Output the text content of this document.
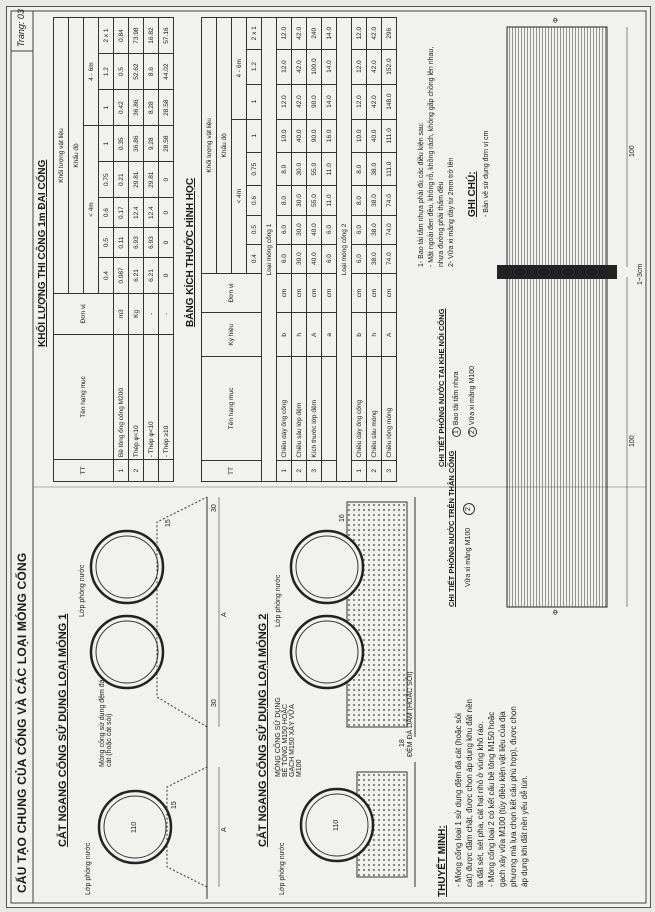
CẤU TẠO CHUNG CỦA CỐNG VÀ CÁC LOẠI MÓNG CỐNG
Trang: 03
CẮT NGANG CỐNG SỬ DỤNG LOẠI MÓNG 1
Lớp phòng nước
Móng cống sử dụng đệm đá cát (hoặc cát sỏi)
Lớp phòng nước
110
15
15
30
30
A
A	CẮT NGANG CỐNG SỬ DỤNG LOẠI MÓNG 2
Lớp phòng nước
MÓNG CỐNG SỬ DỤNG BÊ TÔNG M150 HOẶC GẠCH M150 XÂY VỮA M100
ĐỆM ĐÁ DĂM (HOẶC SỎI)
Lớp phòng nước
110
18
16
THUYẾT MINH: - Móng cống loại 1 sử dụng đệm đá cát (hoặc sỏi cát) được đầm chặt, được chọn áp dụng khu đất nền là đất sét, sét pha, cát hạt nhỏ ở vùng khô ráo. - Móng cống loại 2 có kết cấu bê tông M150 hoặc gạch xây vữa M100 (tùy điều kiện vật liệu của địa phương mà lựa chọn kết cấu phù hợp), được chọn áp dụng khi đất nền yếu dễ lún.
CHI TIẾT PHÒNG NƯỚC TRÊN THÂN CỐNG Vữa xi măng M100
2
CHI TIẾT PHÒNG NƯỚC TẠI KHE NỐI CỐNG 1 Bao tải tẩm nhựa
2 Vữa xi măng M100
100
100
1~3cm
Φ
Φ
KHỐI LƯỢNG THI CÔNG 1m ĐẠI CỐNG
TT	Tên hạng mục	Đơn vị	Khối lượng vật liệu							
			Khẩu độ							
			< 4m					4 - 6m		
			0.4	0.5	0.6	0.75	1	1	1.2	2 x 1
1	Bê tông ống cống M200	m3	0.087	0.11	0.17	0.21	0.35	0.42	0.5	0.84
2	Thép φ<10	Kg	6.21	6.93	12.4	29.81	36.86	36.86	52.62	73.98
	- Thép φ<10	-	6.21	6.93	12.4	29.81	9.28	8.28	8.6	16.82
	- Thép ≥10	-	0	0	0	0	28.58	28.58	44.02	57.16
BẢNG KÍCH THƯỚC HÌNH HỌC
TT	Tên hạng mục	Ký hiệu	Đơn vị	Khối lượng vật liệu							
				Khẩu độ							
				< 4m					4 - 6m		
				0.4	0.5	0.6	0.75	1	1	1.2	2 x 1
Loại móng cống 1											
1	Chiều dày ống cống	b	cm	6.0	6.0	8.0	8.0	10.0	12.0	12.0	12.0
2	Chiều sâu lớp đệm	h	cm	30.0	30.0	30.0	30.0	40.0	42.0	42.0	42.0
3	Kích thước lớp đệm	A	cm	40.0	40.0	55.0	55.0	90.0	90.0	100.0	240
		a	cm	6.0	6.0	11.0	11.0	16.0	14.0	14.0	14.0
Loại móng cống 2											
1	Chiều dày ống cống	b	cm	6.0	6.0	8.0	8.0	10.0	12.0	12.0	12.0
2	Chiều sâu móng	h	cm	38.0	38.0	38.0	38.0	40.0	42.0	42.0	42.0
3	Chiều rộng móng	A	cm	74.0	74.0	74.0	111.0	111.0	148.0	152.0	296
1- Bao tải tẩm nhựa phải đủ các điều kiện sau: - Mặt ngoài đen đều, không rỗ, không rách, không gấp chồng lên nhau, nhựa đường phải thấm đều 2- Vữa xi măng dày từ 2mm trở lên GHI CHÚ: - Bản vẽ sử dụng đơn vị cm
